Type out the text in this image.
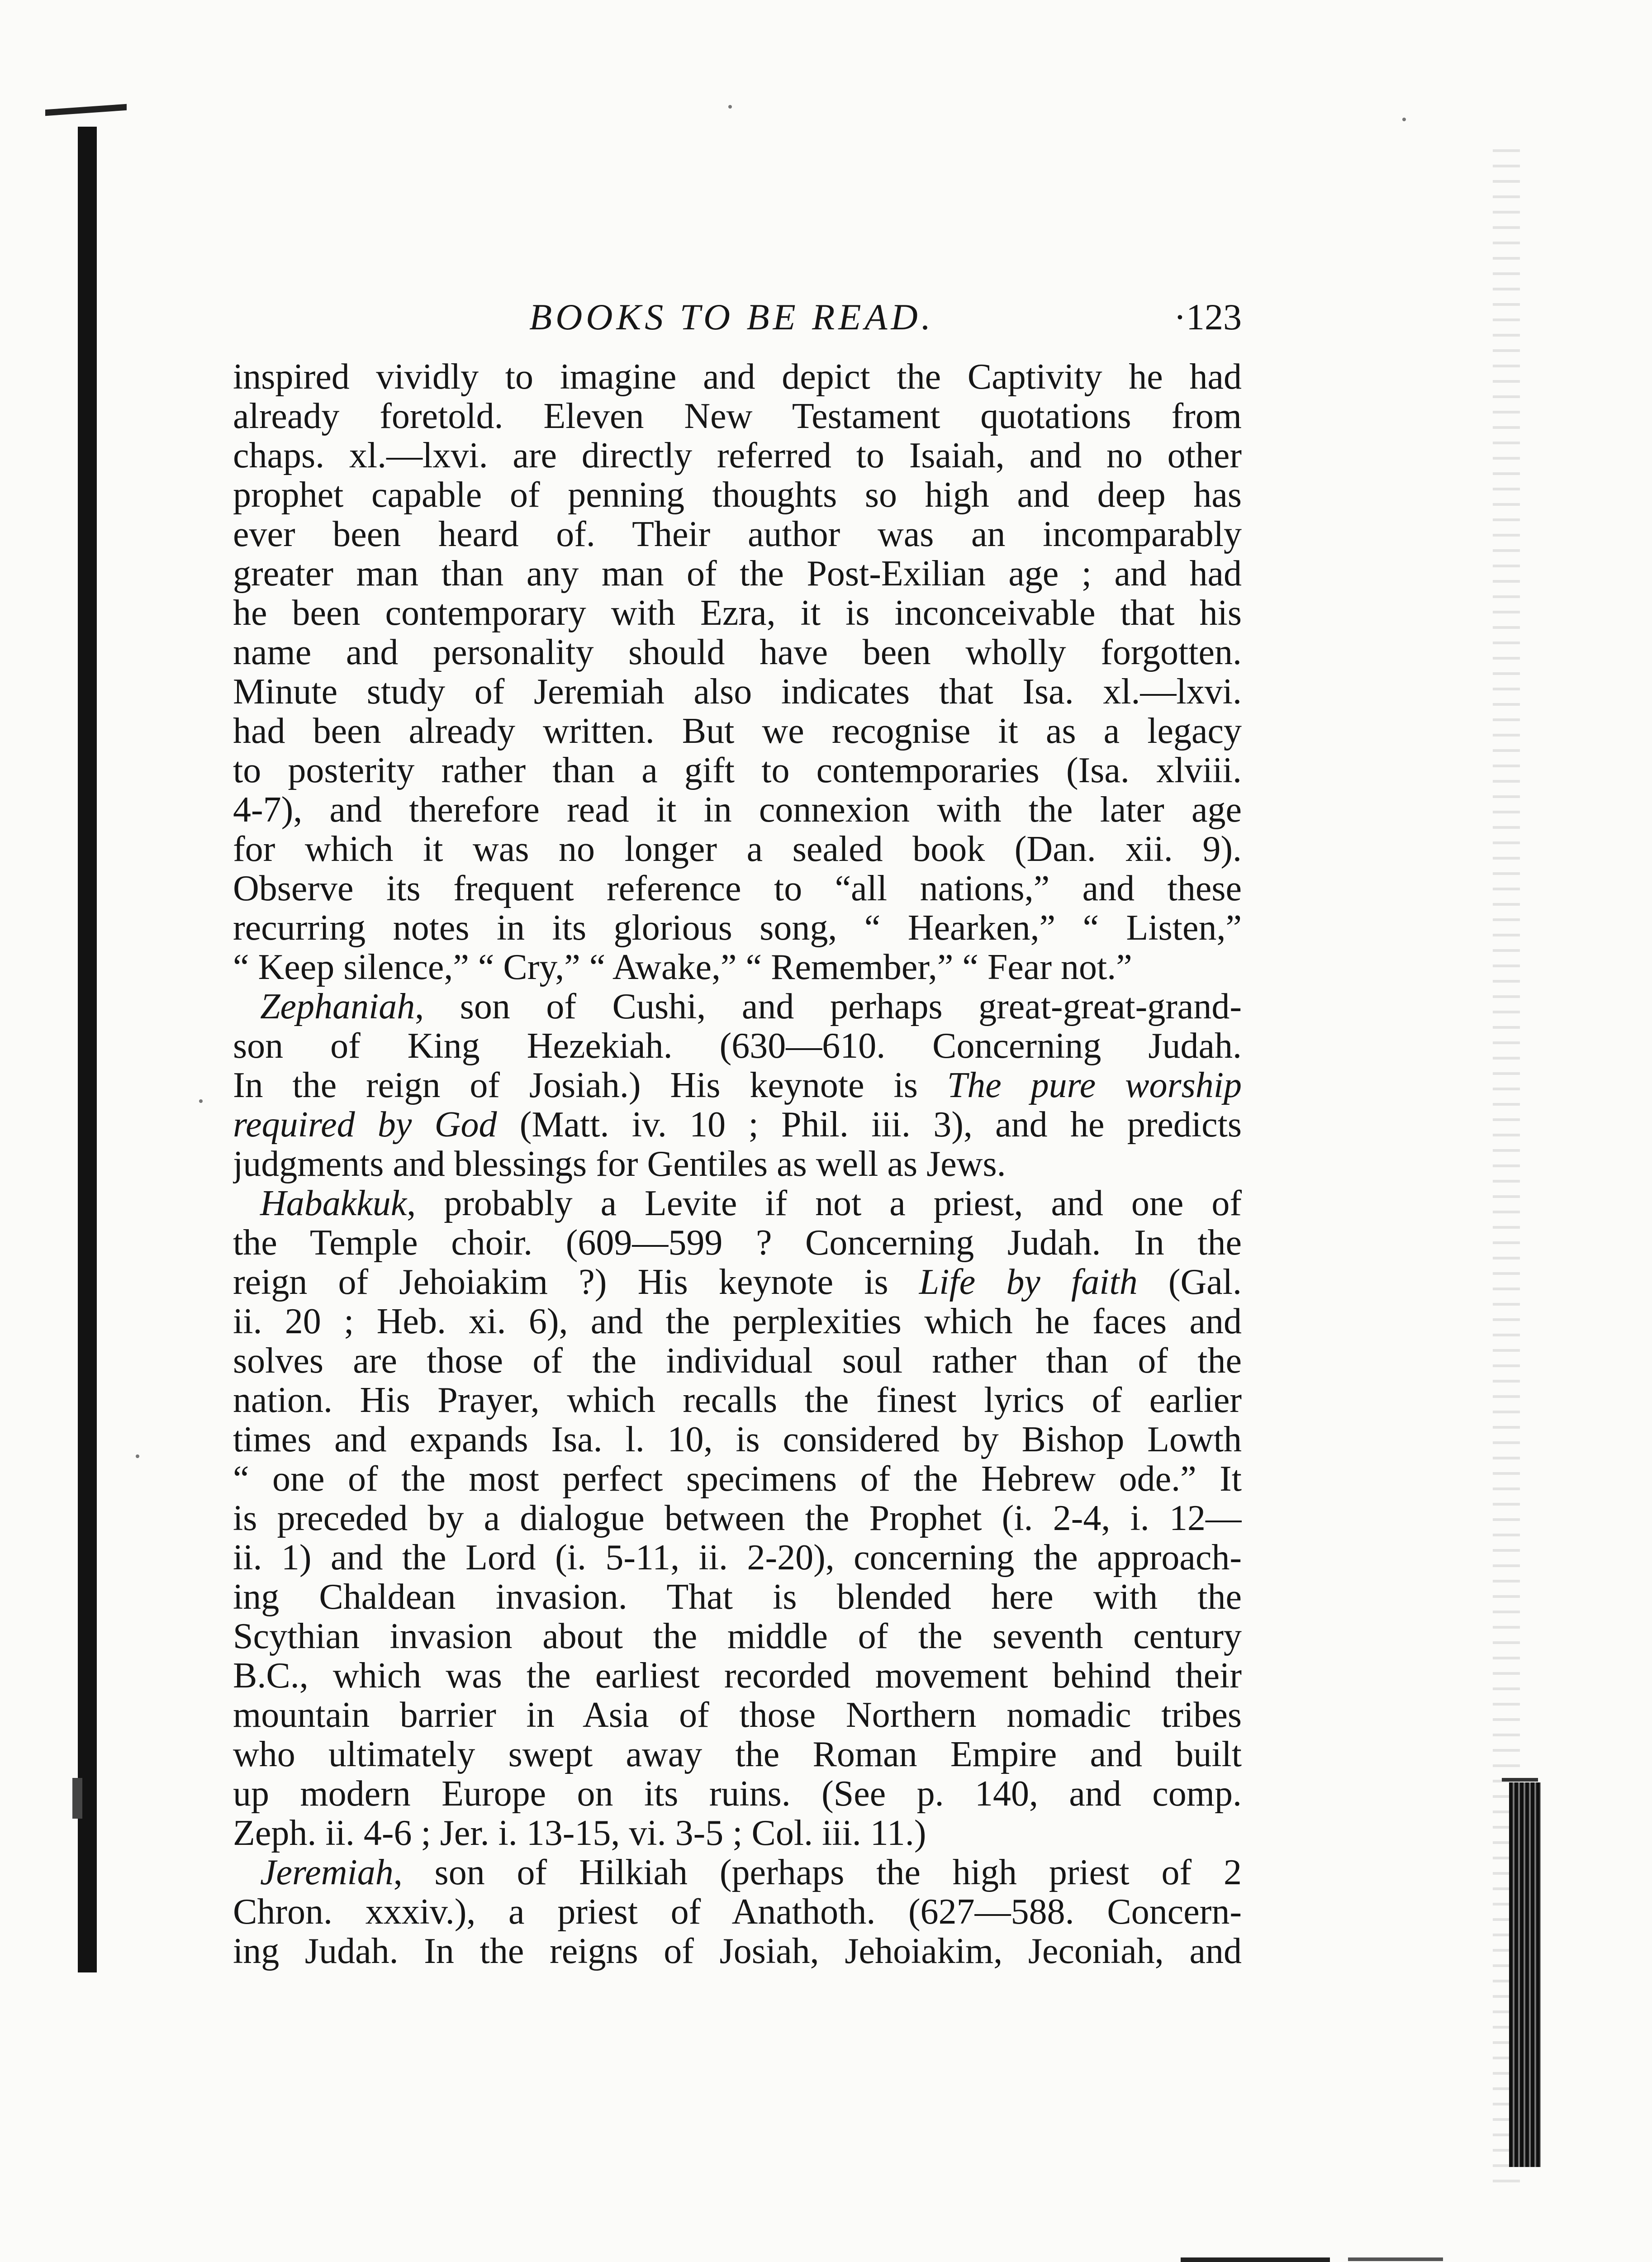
BOOKS TO BE READ.	·123
inspired vividly to imagine and depict the Captivity he had
already foretold. Eleven New Testament quotations from
chaps. xl.—lxvi. are directly referred to Isaiah, and no other
prophet capable of penning thoughts so high and deep has
ever been heard of. Their author was an incomparably
greater man than any man of the Post-Exilian age ; and had
he been contemporary with Ezra, it is inconceivable that his
name and personality should have been wholly forgotten.
Minute study of Jeremiah also indicates that Isa. xl.—lxvi.
had been already written. But we recognise it as a legacy
to posterity rather than a gift to contemporaries (Isa. xlviii.
4-7), and therefore read it in connexion with the later age
for which it was no longer a sealed book (Dan. xii. 9).
Observe its frequent reference to “all nations,” and these
recurring notes in its glorious song, “ Hearken,” “ Listen,”
“ Keep silence,” “ Cry,” “ Awake,” “ Remember,” “ Fear not.”
Zephaniah, son of Cushi, and perhaps great-great-grand-
son of King Hezekiah. (630—610. Concerning Judah.
In the reign of Josiah.) His keynote is The pure worship
required by God (Matt. iv. 10 ; Phil. iii. 3), and he predicts
judgments and blessings for Gentiles as well as Jews.
Habakkuk, probably a Levite if not a priest, and one of
the Temple choir. (609—599 ? Concerning Judah. In the
reign of Jehoiakim ?) His keynote is Life by faith (Gal.
ii. 20 ; Heb. xi. 6), and the perplexities which he faces and
solves are those of the individual soul rather than of the
nation. His Prayer, which recalls the finest lyrics of earlier
times and expands Isa. l. 10, is considered by Bishop Lowth
“ one of the most perfect specimens of the Hebrew ode.” It
is preceded by a dialogue between the Prophet (i. 2-4, i. 12—
ii. 1) and the Lord (i. 5-11, ii. 2-20), concerning the approach-
ing Chaldean invasion. That is blended here with the
Scythian invasion about the middle of the seventh century
B.C., which was the earliest recorded movement behind their
mountain barrier in Asia of those Northern nomadic tribes
who ultimately swept away the Roman Empire and built
up modern Europe on its ruins. (See p. 140, and comp.
Zeph. ii. 4-6 ; Jer. i. 13-15, vi. 3-5 ; Col. iii. 11.)
Jeremiah, son of Hilkiah (perhaps the high priest of 2
Chron. xxxiv.), a priest of Anathoth. (627—588. Concern-
ing Judah. In the reigns of Josiah, Jehoiakim, Jeconiah, and
